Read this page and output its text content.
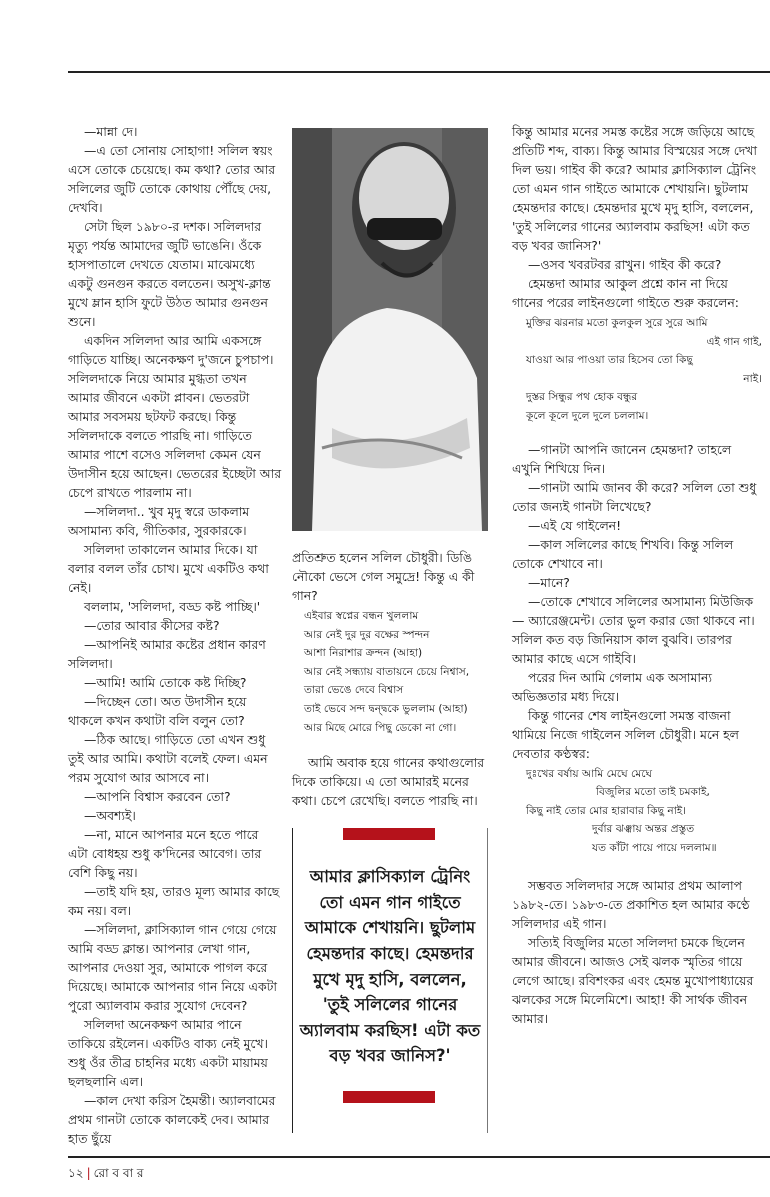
—মান্না দে।

—এ তো সোনায় সোহাগা! সলিল স্বয়ং এসে তোকে চেয়েছে। কম কথা? তোর আর সলিলের জুটি তোকে কোথায় পৌঁছে দেয়, দেখবি।

সেটা ছিল ১৯৮০-র দশক। সলিলদার মৃত্যু পর্যন্ত আমাদের জুটি ভাঙেনি। ওঁকে হাসপাতালে দেখতে যেতাম। মাঝেমধ্যে একটু গুনগুন করতে বলতেন। অসুখ-ক্লান্ত মুখে ম্লান হাসি ফুটে উঠত আমার গুনগুন শুনে।

একদিন সলিলদা আর আমি একসঙ্গে গাড়িতে যাচ্ছি। অনেকক্ষণ দু'জনে চুপচাপ। সলিলদাকে নিয়ে আমার মুগ্ধতা তখন আমার জীবনে একটা প্লাবন। ভেতরটা আমার সবসময় ছটফট করছে। কিন্তু সলিলদাকে বলতে পারছি না। গাড়িতে আমার পাশে বসেও সলিলদা কেমন যেন উদাসীন হয়ে আছেন। ভেতরের ইচ্ছেটা আর চেপে রাখতে পারলাম না।

—সলিলদা.. খুব মৃদু স্বরে ডাকলাম অসামান্য কবি, গীতিকার, সুরকারকে।

সলিলদা তাকালেন আমার দিকে। যা বলার বলল তাঁর চোখ। মুখে একটিও কথা নেই।

বললাম, 'সলিলদা, বড্ড কষ্ট পাচ্ছি।'

—তোর আবার কীসের কষ্ট?

—আপনিই আমার কষ্টের প্রধান কারণ সলিলদা।

—আমি! আমি তোকে কষ্ট দিচ্ছি?

—দিচ্ছেন তো। অত উদাসীন হয়ে থাকলে কখন কথাটা বলি বলুন তো?

—ঠিক আছে। গাড়িতে তো এখন শুধু তুই আর আমি। কথাটা বলেই ফেল। এমন পরম সুযোগ আর আসবে না।

—আপনি বিশ্বাস করবেন তো?

—অবশ্যই।

—না, মানে আপনার মনে হতে পারে এটা বোধহয় শুধু ক'দিনের আবেগ। তার বেশি কিছু নয়।

—তাই যদি হয়, তারও মূল্য আমার কাছে কম নয়। বল।

—সলিলদা, ক্লাসিক্যাল গান গেয়ে গেয়ে আমি বড্ড ক্লান্ত। আপনার লেখা গান, আপনার দেওয়া সুর, আমাকে পাগল করে দিয়েছে। আমাকে আপনার গান নিয়ে একটা পুরো অ্যালবাম করার সুযোগ দেবেন?

সলিলদা অনেকক্ষণ আমার পানে তাকিয়ে রইলেন। একটিও বাক্য নেই মুখে। শুধু ওঁর তীব্র চাহনির মধ্যে একটা মায়াময় ছলছলানি এল।

—কাল দেখা করিস হৈমন্তী। অ্যালবামের প্রথম গানটা তোকে কালকেই দেব। আমার হাত ছুঁয়ে

প্রতিশ্রুত হলেন সলিল চৌধুরী। ডিঙি নৌকো ভেসে গেল সমুদ্রে! কিন্তু এ কী গান?

এইবার স্বপ্নের বন্ধন খুললাম
আর নেই দুর দুর বক্ষের স্পন্দন
আশা নিরাশার ক্রন্দন (আহা)
আর নেই সন্ধ্যায় বাতায়নে চেয়ে নিশ্বাস,
তারা ভেঙে দেবে বিশ্বাস
তাই ভেবে সন্দ দ্বন্দ্বকে ভুললাম (আহা)
আর মিছে মোরে পিছু ডেকো না গো।

আমি অবাক হয়ে গানের কথাগুলোর দিকে তাকিয়ে। এ তো আমারই মনের কথা। চেপে রেখেছি। বলতে পারছি না।

আমার ক্লাসিক্যাল ট্রেনিং তো এমন গান গাইতে আমাকে শেখায়নি। ছুটলাম হেমন্তদার কাছে। হেমন্তদার মুখে মৃদু হাসি, বললেন, 'তুই সলিলের গানের অ্যালবাম করছিস! এটা কত বড় খবর জানিস?'

কিন্তু আমার মনের সমস্ত কষ্টের সঙ্গে জড়িয়ে আছে প্রতিটি শব্দ, বাক্য। কিন্তু আমার বিস্ময়ের সঙ্গে দেখা দিল ভয়। গাইব কী করে? আমার ক্লাসিক্যাল ট্রেনিং তো এমন গান গাইতে আমাকে শেখায়নি। ছুটলাম হেমন্তদার কাছে। হেমন্তদার মুখে মৃদু হাসি, বললেন, 'তুই সলিলের গানের অ্যালবাম করছিস! এটা কত বড় খবর জানিস?'

—ওসব খবরটবর রাখুন। গাইব কী করে?

হেমন্তদা আমার আকুল প্রশ্নে কান না দিয়ে গানের পরের লাইনগুলো গাইতে শুরু করলেন:

মুক্তির ঝরনার মতো কুলকুল সুরে সুরে আমি
এই গান গাই,
যাওয়া আর পাওয়া তার হিসেব তো কিছু
নাই।
দুস্তর সিন্ধুর পথ হোক বন্ধুর
কূলে কূলে দুলে দুলে চললাম।

—গানটা আপনি জানেন হেমন্তদা? তাহলে এখুনি শিখিয়ে দিন।

—গানটা আমি জানব কী করে? সলিল তো শুধু তোর জন্যই গানটা লিখেছে?

—এই যে গাইলেন!

—কাল সলিলের কাছে শিখবি। কিন্তু সলিল তোকে শেখাবে না।

—মানে?

—তোকে শেখাবে সলিলের অসামান্য মিউজিক— অ্যারেঞ্জমেন্ট। তোর ভুল করার জো থাকবে না। সলিল কত বড় জিনিয়াস কাল বুঝবি। তারপর আমার কাছে এসে গাইবি।

পরের দিন আমি গেলাম এক অসামান্য অভিজ্ঞতার মধ্য দিয়ে।

কিন্তু গানের শেষ লাইনগুলো সমস্ত বাজনা থামিয়ে নিজে গাইলেন সলিল চৌধুরী। মনে হল দেবতার কণ্ঠস্বর:

দুঃখের বর্ষায় আমি মেঘে মেঘে
বিজুলির মতো তাই চমকাই,
কিছু নাই তোর মোর হারাবার কিছু নাই।
দুর্বার ঝঞ্ঝায় অন্তর প্রস্তুত
যত কাঁটা পায়ে পায়ে দললাম॥

সম্ভবত সলিলদার সঙ্গে আমার প্রথম আলাপ ১৯৮২-তে। ১৯৮৩-তে প্রকাশিত হল আমার কণ্ঠে সলিলদার এই গান।

সত্যিই বিজুলির মতো সলিলদা চমকে ছিলেন আমার জীবনে। আজও সেই ঝলক স্মৃতির গায়ে লেগে আছে। রবিশংকর এবং হেমন্ত মুখোপাধ্যায়ের ঝলকের সঙ্গে মিলেমিশে। আহা! কী সার্থক জীবন আমার।

১২ | রো ব বা র
